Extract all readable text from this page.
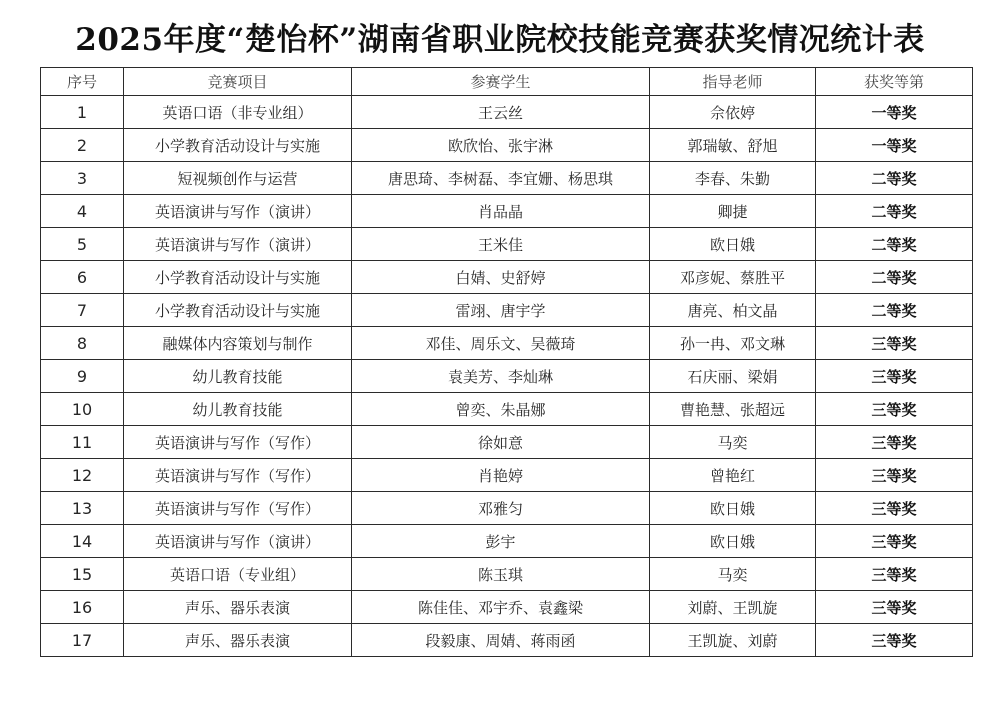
2025年度“楚怡杯”湖南省职业院校技能竞赛获奖情况统计表
序号	竞赛项目	参赛学生	指导老师	获奖等第
1	英语口语（非专业组）	王云丝	佘依婷	一等奖
2	小学教育活动设计与实施	欧欣怡、张宇淋	郭瑞敏、舒旭	一等奖
3	短视频创作与运营	唐思琦、李树磊、李宜姗、杨思琪	李春、朱勤	二等奖
4	英语演讲与写作（演讲）	肖品晶	卿捷	二等奖
5	英语演讲与写作（演讲）	王米佳	欧日娥	二等奖
6	小学教育活动设计与实施	白婧、史舒婷	邓彦妮、蔡胜平	二等奖
7	小学教育活动设计与实施	雷翊、唐宇学	唐亮、柏文晶	二等奖
8	融媒体内容策划与制作	邓佳、周乐文、吴薇琦	孙一冉、邓文琳	三等奖
9	幼儿教育技能	袁美芳、李灿琳	石庆丽、梁娟	三等奖
10	幼儿教育技能	曾奕、朱晶娜	曹艳慧、张超远	三等奖
11	英语演讲与写作（写作）	徐如意	马奕	三等奖
12	英语演讲与写作（写作）	肖艳婷	曾艳红	三等奖
13	英语演讲与写作（写作）	邓雅匀	欧日娥	三等奖
14	英语演讲与写作（演讲）	彭宇	欧日娥	三等奖
15	英语口语（专业组）	陈玉琪	马奕	三等奖
16	声乐、器乐表演	陈佳佳、邓宇乔、袁鑫梁	刘蔚、王凯旋	三等奖
17	声乐、器乐表演	段毅康、周婧、蒋雨函	王凯旋、刘蔚	三等奖
